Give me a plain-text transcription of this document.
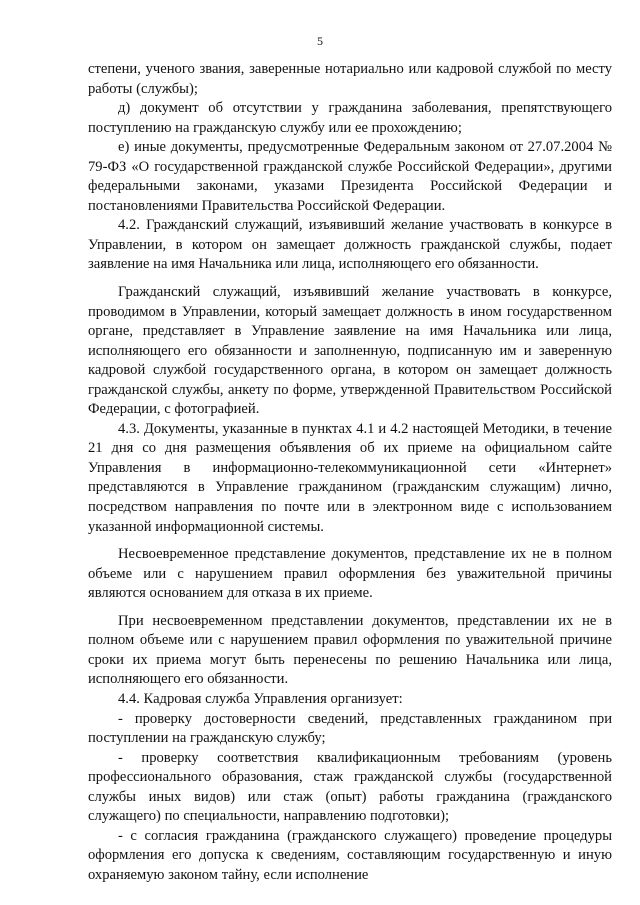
5

степени, ученого звания, заверенные нотариально или кадровой службой по месту работы (службы);

д) документ об отсутствии у гражданина заболевания, препятствующего поступлению на гражданскую службу или ее прохождению;

е) иные документы, предусмотренные Федеральным законом от 27.07.2004 № 79-ФЗ «О государственной гражданской службе Российской Федерации», другими федеральными законами, указами Президента Российской Федерации и постановлениями Правительства Российской Федерации.

4.2. Гражданский служащий, изъявивший желание участвовать в конкурсе в Управлении, в котором он замещает должность гражданской службы, подает заявление на имя Начальника или лица, исполняющего его обязанности.

Гражданский служащий, изъявивший желание участвовать в конкурсе, проводимом в Управлении, который замещает должность в ином государственном органе, представляет в Управление заявление на имя Начальника или лица, исполняющего его обязанности и заполненную, подписанную им и заверенную кадровой службой государственного органа, в котором он замещает должность гражданской службы, анкету по форме, утвержденной Правительством Российской Федерации, с фотографией.

4.3. Документы, указанные в пунктах 4.1 и 4.2 настоящей Методики, в течение 21 дня со дня размещения объявления об их приеме на официальном сайте Управления в информационно-телекоммуникационной сети «Интернет» представляются в Управление гражданином (гражданским служащим) лично, посредством направления по почте или в электронном виде с использованием указанной информационной системы.

Несвоевременное представление документов, представление их не в полном объеме или с нарушением правил оформления без уважительной причины являются основанием для отказа в их приеме.

При несвоевременном представлении документов, представлении их не в полном объеме или с нарушением правил оформления по уважительной причине сроки их приема могут быть перенесены по решению Начальника или лица, исполняющего его обязанности.

4.4. Кадровая служба Управления организует:

- проверку достоверности сведений, представленных гражданином при поступлении на гражданскую службу;

- проверку соответствия квалификационным требованиям (уровень профессионального образования, стаж гражданской службы (государственной службы иных видов) или стаж (опыт) работы гражданина (гражданского служащего) по специальности, направлению подготовки);

- с согласия гражданина (гражданского служащего) проведение процедуры оформления его допуска к сведениям, составляющим государственную и иную охраняемую законом тайну, если исполнение
